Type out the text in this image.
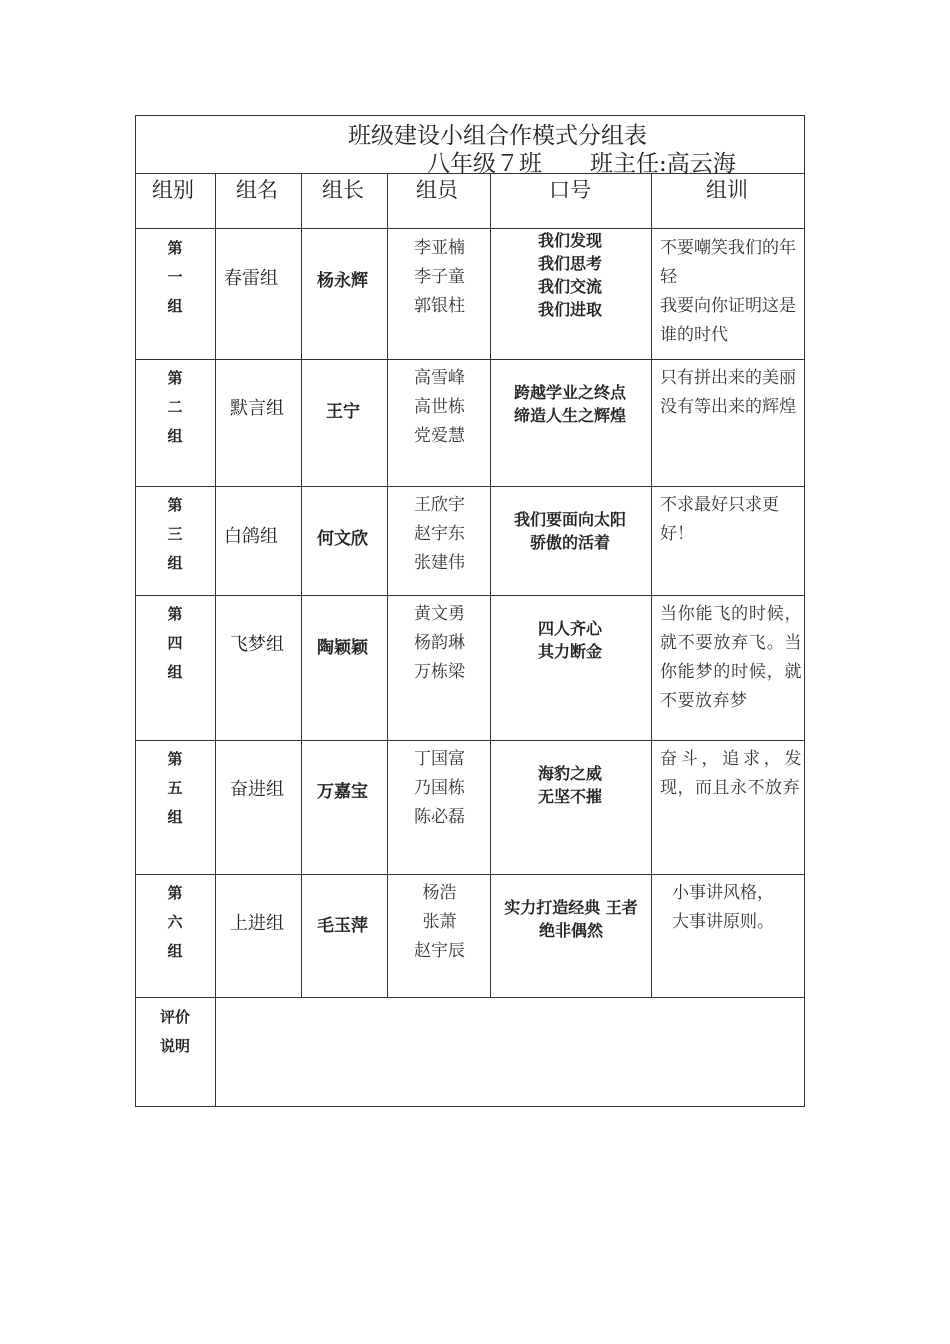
班级建设小组合作模式分组表
八年级７班 班主任:高云海
组别 组名 组长 组员	口号	组训
第
一
组
春雷组 杨永辉
李亚楠
李子童
郭银柱
我们发现
我们思考
我们交流
我们进取

不要嘲笑我们的年轻

我要向你证明这是谁的时代

第
二
组
默言组 王宁
高雪峰
高世栋
党爱慧
跨越学业之终点
缔造人生之辉煌

只有拼出来的美丽

没有等出来的辉煌

第
三
组
白鸽组 何文欣
王欣宇
赵宇东
张建伟
我们要面向太阳
骄傲的活着

不求最好只求更好！

第
四
组
飞梦组 陶颖颖
黄文勇
杨韵琳
万栋梁
四人齐心
其力断金

当你能飞的时候，就不要放弃飞。当你能梦的时候，就不要放弃梦

第
五
组
奋进组 万嘉宝
丁国富
乃国栋
陈必磊
海豹之威
无坚不摧

奋斗，追求，发现，而且永不放弃

第
六
组
上进组 毛玉萍
杨浩
张萧
赵宇辰
实力打造经典 王者绝非偶然

小事讲风格，

大事讲原则。

评价
说明
